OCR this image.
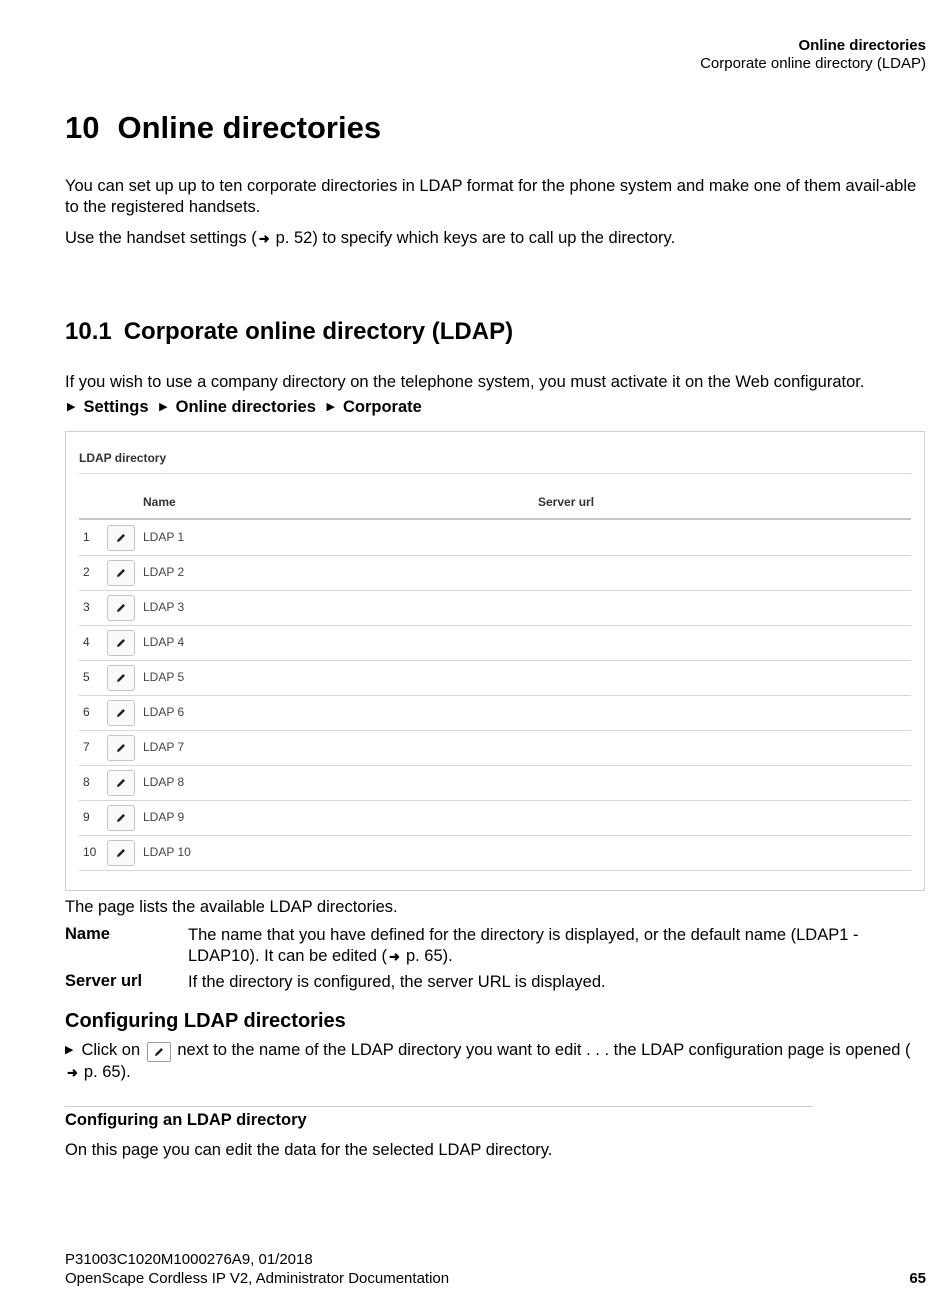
Online directories
Corporate online directory (LDAP)
10 Online directories

You can set up up to ten corporate directories in LDAP format for the phone system and make one of them avail-able to the registered handsets.

Use the handset settings ( ➜ p. 52) to specify which keys are to call up the directory.

10.1 Corporate online directory (LDAP)

If you wish to use a company directory on the telephone system, you must activate it on the Web configurator.

▶ Settings ▶ Online directories ▶ Corporate
LDAP directory
Name	Server url
1	LDAP 1
2	LDAP 2
3	LDAP 3
4	LDAP 4
5	LDAP 5
6	LDAP 6
7	LDAP 7
8	LDAP 8
9	LDAP 9
10	LDAP 10

The page lists the available LDAP directories.

Name	The name that you have defined for the directory is displayed, or the default name (LDAP1 - LDAP10). It can be edited ( ➜ p. 65).
Server url	If the directory is configured, the server URL is displayed.
Configuring LDAP directories
▶ Click on next to the name of the LDAP directory you want to edit . . . the LDAP configuration page is opened (➜ p. 65).
Configuring an LDAP directory

On this page you can edit the data for the selected LDAP directory.

P31003C1020M1000276A9, 01/2018
OpenScape Cordless IP V2, Administrator Documentation	65
